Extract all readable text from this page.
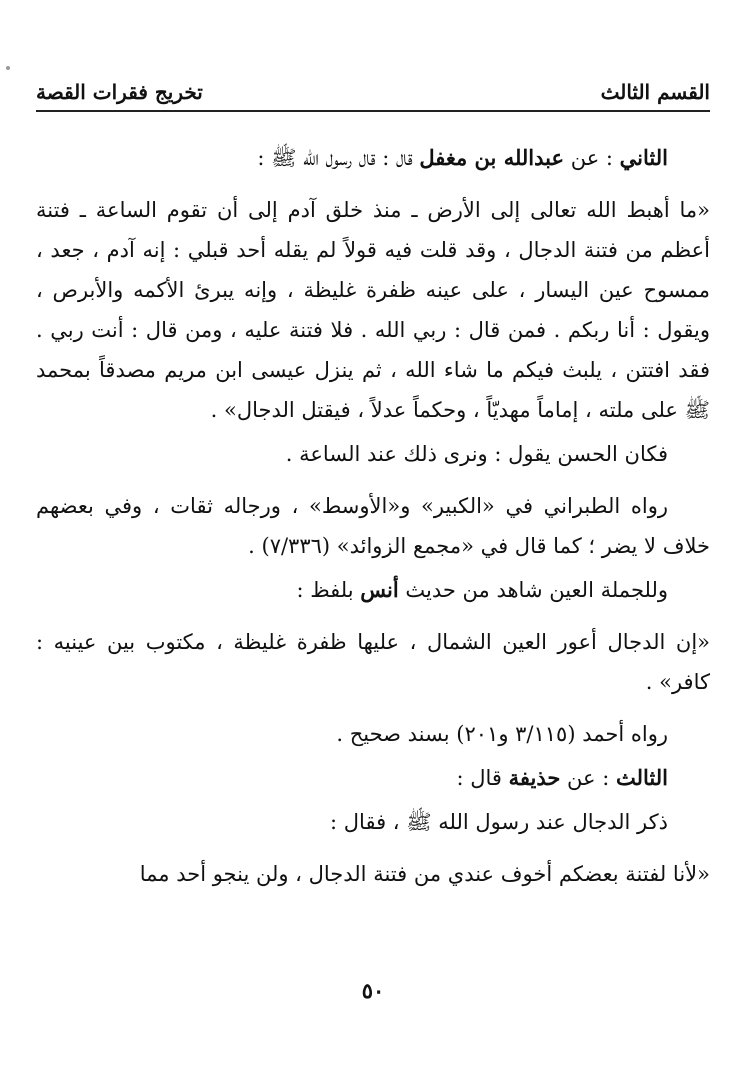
القسم الثالث
تخريج فقرات القصة

الثاني : عن عبدالله بن مغفل قال : قال رسول الله ﷺ :

«ما أهبط الله تعالى إلى الأرض ـ منذ خلق آدم إلى أن تقوم الساعة ـ فتنة أعظم من فتنة الدجال ، وقد قلت فيه قولاً لم يقله أحد قبلي : إنه آدم ، جعد ، ممسوح عين اليسار ، على عينه ظفرة غليظة ، وإنه يبرئ الأكمه والأبرص ، ويقول : أنا ربكم . فمن قال : ربي الله . فلا فتنة عليه ، ومن قال : أنت ربي . فقد افتتن ، يلبث فيكم ما شاء الله ، ثم ينزل عيسى ابن مريم مصدقاً بمحمد ﷺ على ملته ، إماماً مهديّاً ، وحكماً عدلاً ، فيقتل الدجال» .

فكان الحسن يقول : ونرى ذلك عند الساعة .

رواه الطبراني في «الكبير» و«الأوسط» ، ورجاله ثقات ، وفي بعضهم خلاف لا يضر ؛ كما قال في «مجمع الزوائد» (٧/٣٣٦) .

وللجملة العين شاهد من حديث أنس بلفظ :

«إن الدجال أعور العين الشمال ، عليها ظفرة غليظة ، مكتوب بين عينيه : كافر» .

رواه أحمد (٣/١١٥ و٢٠١) بسند صحيح .

الثالث : عن حذيفة قال :

ذكر الدجال عند رسول الله ﷺ ، فقال :

«لأنا لفتنة بعضكم أخوف عندي من فتنة الدجال ، ولن ينجو أحد مما

٥٠
